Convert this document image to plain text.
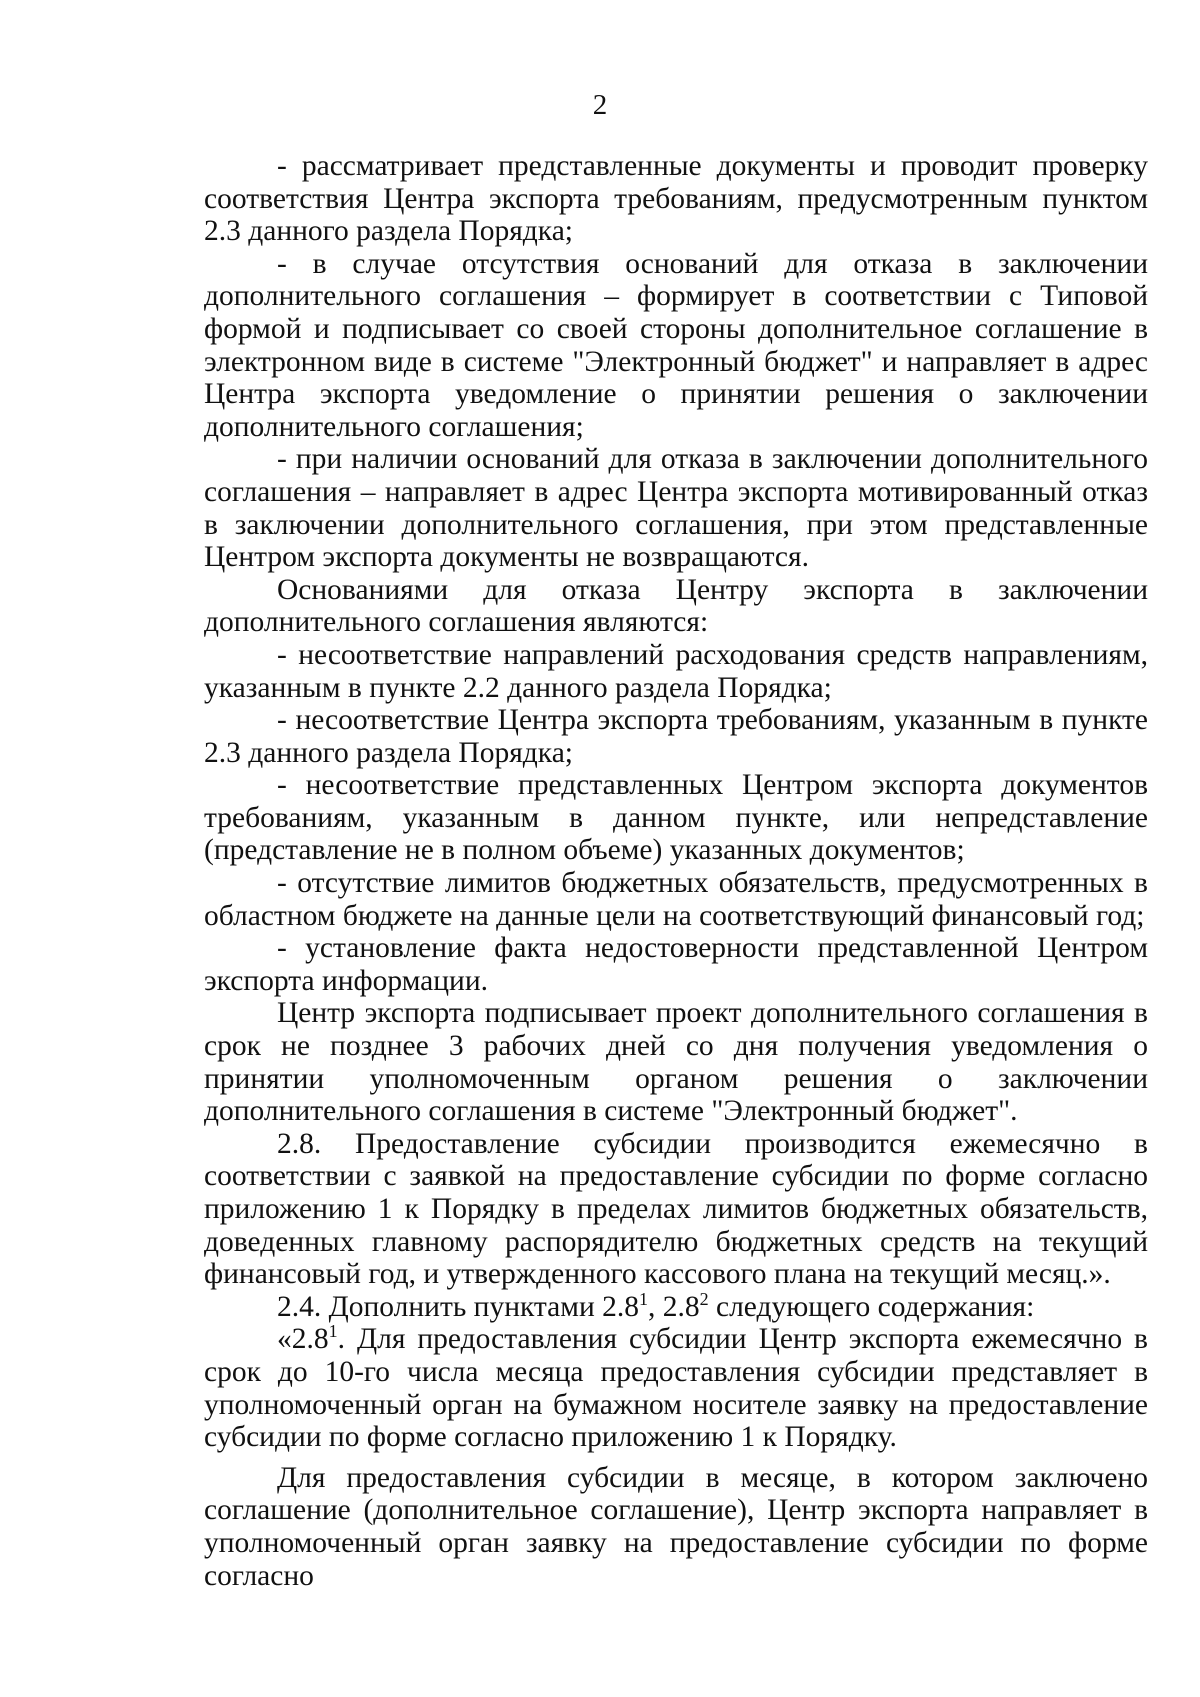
2

- рассматривает представленные документы и проводит проверку соответствия Центра экспорта требованиям, предусмотренным пунктом 2.3 данного раздела Порядка;

- в случае отсутствия оснований для отказа в заключении дополнительного соглашения – формирует в соответствии с Типовой формой и подписывает со своей стороны дополнительное соглашение в электронном виде в системе "Электронный бюджет" и направляет в адрес Центра экспорта уведомление о принятии решения о заключении дополнительного соглашения;

- при наличии оснований для отказа в заключении дополнительного соглашения – направляет в адрес Центра экспорта мотивированный отказ в заключении дополнительного соглашения, при этом представленные Центром экспорта документы не возвращаются.

Основаниями для отказа Центру экспорта в заключении дополнительного соглашения являются:

- несоответствие направлений расходования средств направлениям, указанным в пункте 2.2 данного раздела Порядка;

- несоответствие Центра экспорта требованиям, указанным в пункте 2.3 данного раздела Порядка;

- несоответствие представленных Центром экспорта документов требованиям, указанным в данном пункте, или непредставление (представление не в полном объеме) указанных документов;

- отсутствие лимитов бюджетных обязательств, предусмотренных в областном бюджете на данные цели на соответствующий финансовый год;

- установление факта недостоверности представленной Центром экспорта информации.

Центр экспорта подписывает проект дополнительного соглашения в срок не позднее 3 рабочих дней со дня получения уведомления о принятии уполномоченным органом решения о заключении дополнительного соглашения в системе "Электронный бюджет".

2.8. Предоставление субсидии производится ежемесячно в соответствии с заявкой на предоставление субсидии по форме согласно приложению 1 к Порядку в пределах лимитов бюджетных обязательств, доведенных главному распорядителю бюджетных средств на текущий финансовый год, и утвержденного кассового плана на текущий месяц.».

2.4. Дополнить пунктами $2.8^1$, $2.8^2$ следующего содержания:

«$2.8^1$. Для предоставления субсидии Центр экспорта ежемесячно в срок до 10-го числа месяца предоставления субсидии представляет в уполномоченный орган на бумажном носителе заявку на предоставление субсидии по форме согласно приложению 1 к Порядку.

Для предоставления субсидии в месяце, в котором заключено соглашение (дополнительное соглашение), Центр экспорта направляет в уполномоченный орган заявку на предоставление субсидии по форме согласно
